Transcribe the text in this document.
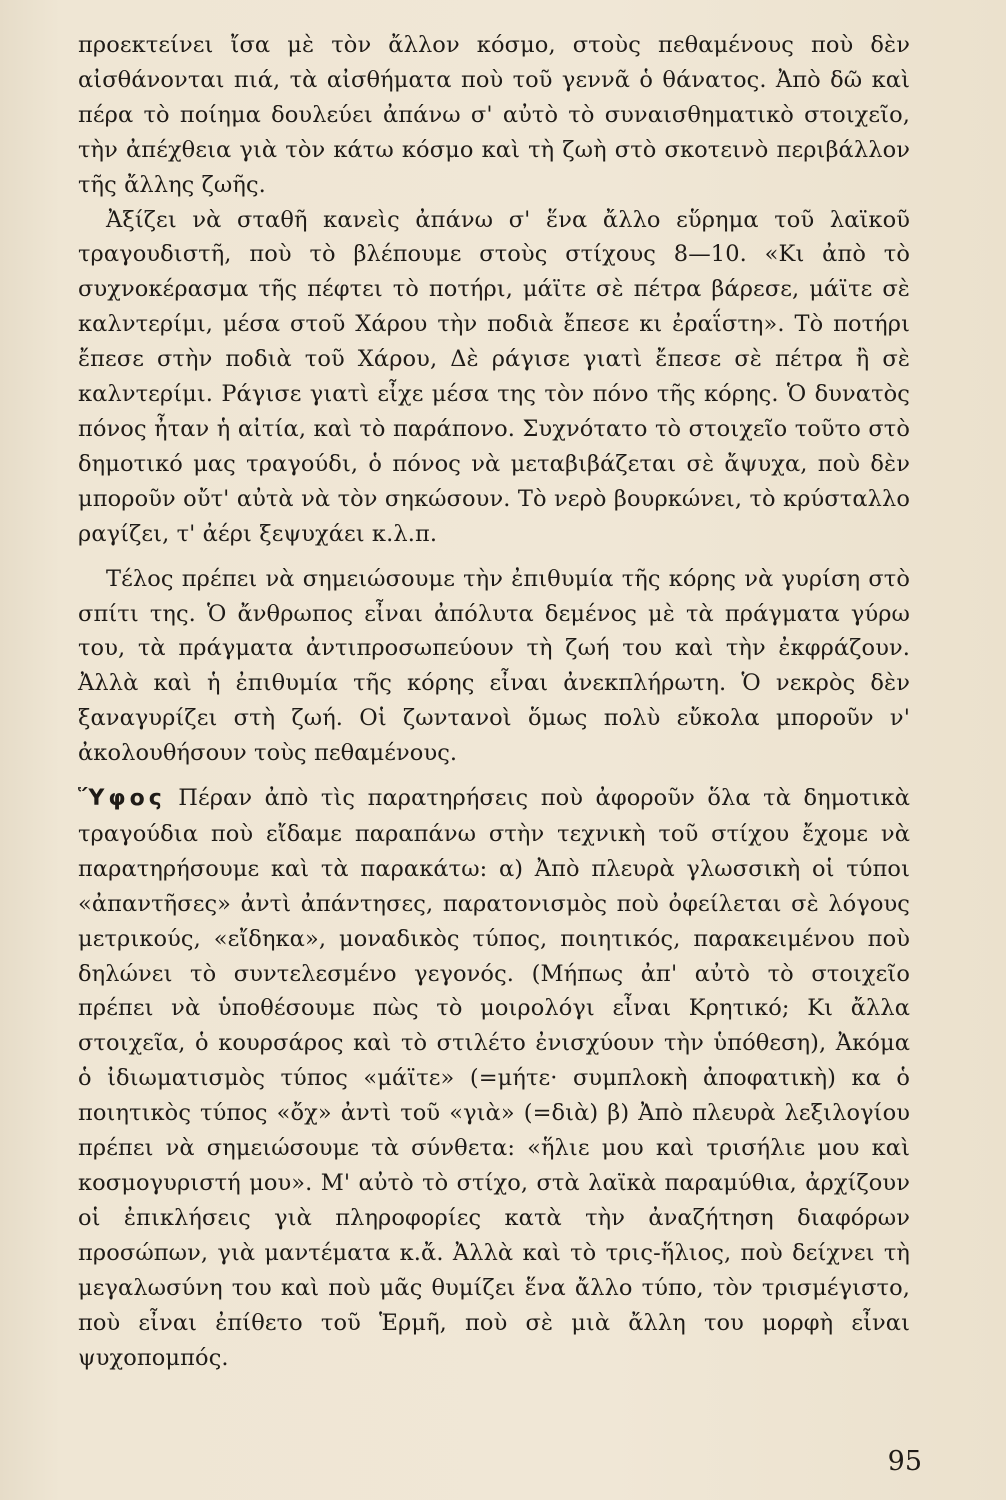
προεκτείνει ἴσα μὲ τὸν ἄλλον κόσμο, στοὺς πεθαμένους ποὺ δὲν αἰσθάνονται πιά, τὰ αἰσθήματα ποὺ τοῦ γεννᾶ ὁ θάνατος. Ἀπὸ δῶ καὶ πέρα τὸ ποίημα δουλεύει ἀπάνω σ' αὐτὸ τὸ συναισθηματικὸ στοιχεῖο, τὴν ἀπέχθεια γιὰ τὸν κάτω κόσμο καὶ τὴ ζωὴ στὸ σκοτεινὸ περιβάλλον τῆς ἄλλης ζωῆς.

Ἀξίζει νὰ σταθῆ κανεὶς ἀπάνω σ' ἕνα ἄλλο εὕρημα τοῦ λαϊκοῦ τραγουδιστῆ, ποὺ τὸ βλέπουμε στοὺς στίχους 8—10. «Κι ἀπὸ τὸ συχνοκέρασμα τῆς πέφτει τὸ ποτήρι, μάϊτε σὲ πέτρα βάρεσε, μάϊτε σὲ καλντερίμι, μέσα στοῦ Χάρου τὴν ποδιὰ ἔπεσε κι ἐραΐστη». Τὸ ποτήρι ἔπεσε στὴν ποδιὰ τοῦ Χάρου, Δὲ ράγισε γιατὶ ἔπεσε σὲ πέτρα ἢ σὲ καλντερίμι. Ράγισε γιατὶ εἶχε μέσα της τὸν πόνο τῆς κόρης. Ὁ δυνατὸς πόνος ἦταν ἡ αἰτία, καὶ τὸ παράπονο. Συχνότατο τὸ στοιχεῖο τοῦτο στὸ δημοτικό μας τραγούδι, ὁ πόνος νὰ μεταβιβάζεται σὲ ἄψυχα, ποὺ δὲν μποροῦν οὔτ' αὐτὰ νὰ τὸν σηκώσουν. Τὸ νερὸ βουρκώνει, τὸ κρύσταλλο ραγίζει, τ' ἀέρι ξεψυχάει κ.λ.π.

Τέλος πρέπει νὰ σημειώσουμε τὴν ἐπιθυμία τῆς κόρης νὰ γυρίση στὸ σπίτι της. Ὁ ἄνθρωπος εἶναι ἀπόλυτα δεμένος μὲ τὰ πράγματα γύρω του, τὰ πράγματα ἀντιπροσωπεύουν τὴ ζωή του καὶ τὴν ἐκφράζουν. Ἀλλὰ καὶ ἡ ἐπιθυμία τῆς κόρης εἶναι ἀνεκπλήρωτη. Ὁ νεκρὸς δὲν ξαναγυρίζει στὴ ζωή. Οἱ ζωντανοὶ ὅμως πολὺ εὔκολα μποροῦν ν' ἀκολουθήσουν τοὺς πεθαμένους.

Ὕφος Πέραν ἀπὸ τὶς παρατηρήσεις ποὺ ἀφοροῦν ὅλα τὰ δημοτικὰ τραγούδια ποὺ εἴδαμε παραπάνω στὴν τεχνικὴ τοῦ στίχου ἔχομε νὰ παρατηρήσουμε καὶ τὰ παρακάτω: α) Ἀπὸ πλευρὰ γλωσσικὴ οἱ τύποι «ἀπαντῆσες» ἀντὶ ἀπάντησες, παρατονισμὸς ποὺ ὀφείλεται σὲ λόγους μετρικούς, «εἴδηκα», μοναδικὸς τύπος, ποιητικός, παρακειμένου ποὺ δηλώνει τὸ συντελεσμένο γεγονός. (Μήπως ἀπ' αὐτὸ τὸ στοιχεῖο πρέπει νὰ ὑποθέσουμε πὼς τὸ μοιρολόγι εἶναι Κρητικό; Κι ἄλλα στοιχεῖα, ὁ κουρσάρος καὶ τὸ στιλέτο ἐνισχύουν τὴν ὑπόθεση), Ἀκόμα ὁ ἰδιωματισμὸς τύπος «μάϊτε» (=μήτε· συμπλοκὴ ἀποφατικὴ) κα ὁ ποιητικὸς τύπος «ὄχ» ἀντὶ τοῦ «γιὰ» (=διὰ) β) Ἀπὸ πλευρὰ λεξιλογίου πρέπει νὰ σημειώσουμε τὰ σύνθετα: «ἥλιε μου καὶ τρισήλιε μου καὶ κοσμογυριστή μου». Μ' αὐτὸ τὸ στίχο, στὰ λαϊκὰ παραμύθια, ἀρχίζουν οἱ ἐπικλήσεις γιὰ πληροφορίες κατὰ τὴν ἀναζήτηση διαφόρων προσώπων, γιὰ μαντέματα κ.ἄ. Ἀλλὰ καὶ τὸ τρις-ἥλιος, ποὺ δείχνει τὴ μεγαλωσύνη του καὶ ποὺ μᾶς θυμίζει ἕνα ἄλλο τύπο, τὸν τρισμέγιστο, ποὺ εἶναι ἐπίθετο τοῦ Ἑρμῆ, ποὺ σὲ μιὰ ἄλλη του μορφὴ εἶναι ψυχοπομπός.

95
